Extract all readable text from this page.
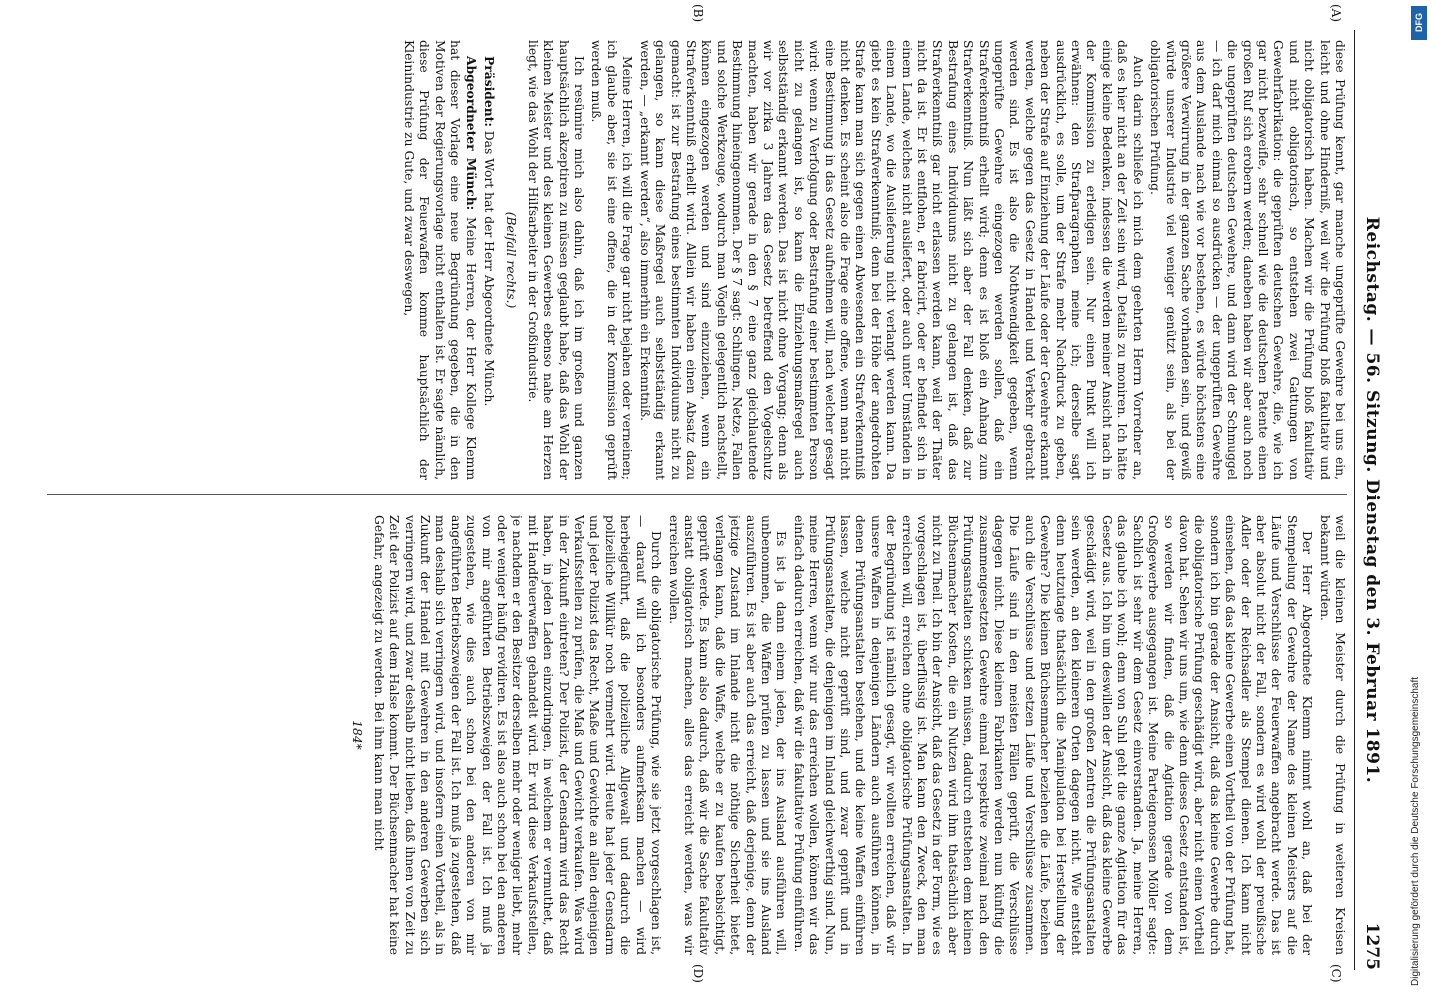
Reichstag. — 56. Sitzung. Dienstag den 3. Februar 1891.
1275
(A)
(B)
(C)
(D)

diese Prüfung kennt, gar manche ungeprüfte Gewehre bei uns ein, leicht und ohne Hinderniß, weil wir die Prüfung bloß fakultativ und nicht obligatorisch haben. Machen wir die Prüfung bloß fakultativ und nicht obligatorisch, so entstehen zwei Gattungen von Gewehrfabrikation: die geprüften deutschen Gewehre, die, wie ich gar nicht bezweifle, sehr schnell wie die deutschen Patente einen großen Ruf sich erobern werden; daneben haben wir aber auch noch die ungeprüften deutschen Gewehre, und dann wird der Schmuggel — ich darf mich einmal so ausdrücken — der ungeprüften Gewehre aus dem Auslande nach wie vor bestehen, es würde höchstens eine größere Verwirrung in der ganzen Sache vorhanden sein, und gewiß würde unserer Industrie viel weniger genützt sein, als bei der obligatorischen Prüfung.

Auch darin schließe ich mich dem geehrten Herrn Vorredner an, daß es hier nicht an der Zeit sein wird, Details zu moniren. Ich hätte einige kleine Bedenken, indessen die werden meiner Ansicht nach in der Kommission zu erledigen sein. Nur einen Punkt will ich erwähnen: den Strafparagraphen meine ich; derselbe sagt ausdrücklich, es solle, um der Strafe mehr Nachdruck zu geben, neben der Strafe auf Einziehung der Läufe oder der Gewehre erkannt werden, welche gegen das Gesetz in Handel und Verkehr gebracht werden sind. Es ist also die Nothwendigkeit gegeben, wenn ungeprüfte Gewehre eingezogen werden sollen, daß ein Strafverkenntniß erhellt wird; denn es ist bloß ein Anhang zum Strafverkenntniß. Nun läßt sich aber der Fall denken, daß zur Bestrafung eines Individuums nicht zu gelangen ist, daß das Strafverkenntniß gar nicht erlassen werden kann, weil der Thäter nicht da ist. Er ist entflohen, er fabricirt, oder er befindet sich in einem Lande, welches nicht ausliefert, oder auch unter Umständen in einem Lande, wo die Auslieferung nicht verlangt werden kann. Da giebt es kein Strafverkenntniß; denn bei der Höhe der angedrohten Strafe kann man sich gegen einen Abwesenden ein Strafverkenntniß nicht denken. Es scheint also die Frage eine offene, wenn man nicht eine Bestimmung in das Gesetz aufnehmen will, nach welcher gesagt wird: wenn zu Verfolgung oder Bestrafung einer bestimmten Person nicht zu gelangen ist, so kann die Einziehungsmaßregel auch selbstständig erkannt werden. Das ist nicht ohne Vorgang; denn als wir vor zirka 3 Jahren das Gesetz betreffend den Vogelschutz machten, haben wir gerade in den § 7 eine ganz gleichlautende Bestimmung hineingenommen. Der § 7 sagt: Schlingen, Netze, Fallen und solche Werkzeuge, wodurch man Vögeln gelegentlich nachstellt, können eingezogen werden und sind einzuziehen, wenn ein Strafverkenntniß erhellt wird. Allein wir haben einen Absatz dazu gemacht: ist zur Bestrafung eines bestimmten Individuums nicht zu gelangen, so kann diese Maßregel auch selbstständig erkannt werden, — „erkannt werden“, also immerhin ein Erkenntniß.

Meine Herren, ich will die Frage gar nicht bejahen oder verneinen; ich glaube aber, sie ist eine offene, die in der Kommission geprüft werden muß.

Ich resümire mich also dahin, daß ich im großen und ganzen hauptsächlich akzeptiren zu müssen geglaubt habe, daß das Wohl der kleinen Meister und des kleinen Gewerbes ebenso nahe am Herzen liegt, wie das Wohl der Hilfsarbeiter in der Großindustrie.

(Beifall rechts.)

Präsident: Das Wort hat der Herr Abgeordnete Münch.

Abgeordneter Münch: Meine Herren, der Herr Kollege Klemm hat dieser Vorlage eine neue Begründung gegeben, die in den Motiven der Regierungsvorlage nicht enthalten ist. Er sagte nämlich, diese Prüfung der Feuerwaffen komme hauptsächlich der Kleinindustrie zu Gute, und zwar deswegen,

weil die kleinen Meister durch die Prüfung in weiteren Kreisen bekannt würden.

Der Herr Abgeordnete Klemm nimmt wohl an, daß bei der Stempelung der Gewehre der Name des kleinen Meisters auf die Läufe und Verschlüsse der Feuerwaffen angebracht werde. Das ist aber absolut nicht der Fall, sondern es wird wohl der preußische Adler oder der Reichsadler als Stempel dienen. Ich kann nicht einsehen, daß das kleine Gewerbe einen Vortheil von der Prüfung hat, sondern ich bin gerade der Ansicht, daß das kleine Gewerbe durch die obligatorische Prüfung geschädigt wird, aber nicht einen Vortheil davon hat. Sehen wir uns um, wie denn dieses Gesetz entstanden ist, so werden wir finden, daß die Agitation gerade von dem Großgewerbe ausgegangen ist. Meine Parteigenossen Möller sagte: Sachlich ist sehr wir dem Gesetz einverstanden. Ja, meine Herren, das glaube ich wohl; denn von Suhl geht die ganze Agitation für das Gesetz aus. Ich bin um deswillen der Ansicht, daß das kleine Gewerbe geschädigt wird, weil in den großen Zentren die Prüfungsanstalten sein werden, an den kleineren Orten dagegen nicht. Wie entsteht denn heutzutage thatsächlich die Manipulation bei Herstellung der Gewehre? Die kleinen Büchsenmacher beziehen die Läufe, beziehen auch die Verschlüsse und setzen Läufe und Verschlüsse zusammen. Die Läufe sind in den meisten Fällen geprüft, die Verschlüsse dagegen nicht. Diese kleinen Fabrikanten werden nun künftig die zusammengesetzten Gewehre einmal respektive zweimal nach den Prüfungsanstalten schicken müssen, dadurch entstehen dem kleinen Büchsenmacher Kosten, die ein Nutzen wird ihm thatsächlich aber nicht zu Theil. Ich bin der Ansicht, daß das Gesetz in der Form, wie es vorgeschlagen ist, überflüssig ist. Man kann den Zweck, den man erreichen will, erreichen ohne obligatorische Prüfungsanstalten. In der Begründung ist nämlich gesagt, wir wollten erreichen, daß wir unsere Waffen in denjenigen Ländern auch ausführen können, in denen Prüfungsanstalten bestehen, und die keine Waffen einführen lassen, welche nicht geprüft sind, und zwar geprüft und in Prüfungsanstalten, die denjenigen im Inland gleichwerthig sind. Nun, meine Herren, wenn wir nur das erreichen wollen, können wir das einfach dadurch erreichen, daß wir die fakultative Prüfung einführen.

Es ist ja dann einem jeden, der ins Ausland ausführen will, unbenommen, die Waffen prüfen zu lassen und sie ins Ausland auszuführen. Es ist aber auch das erreicht, daß derjenige, denn der jetzige Zustand im Inlande nicht die nöthige Sicherheit bietet, verlangen kann, daß die Waffe, welche er zu kaufen beabsichtigt, geprüft werde. Es kann also dadurch, daß wir die Sache fakultativ anstatt obligatorisch machen, alles das erreicht werden, was wir erreichen wollen.

Durch die obligatorische Prüfung, wie sie jetzt vorgeschlagen ist, — darauf will ich besonders aufmerksam machen — wird herbeigeführt, daß die polizeiliche Allgewalt und dadurch die polizeiliche Willkür noch vermehrt wird. Heute hat jeder Gensdarm und jeder Polizist das Recht, Maße und Gewichte an allen denjenigen Verkaufsstellen zu prüfen, die Maß und Gewicht verkaufen. Was wird in der Zukunft eintreten? Der Polizist, der Gensdarm wird das Recht haben, in jeden Laden einzudringen, in welchem er vermuthet, daß mit Handfeuerwaffen gehandelt wird. Er wird diese Verkaufsstellen, je nachdem er den Besitzer derselben mehr oder weniger liebt, mehr oder weniger häufig revidiren. Es ist also auch schon bei den anderen von mir angeführten Betriebszweigen der Fall ist. Ich muß ja zugestehen, wie dies auch schon bei den anderen von mir angeführten Betriebszweigen der Fall ist. Ich muß ja zugestehen, daß man deshalb sich verringern wird, und insofern einen Vortheil, als in Zukunft der Handel mit Gewehren in den anderen Gewerben sich verringern wird, und zwar deshalb nicht lieben, daß ihnen von Zeit zu Zeit der Polizist auf dem Halse kommt. Der Büchsenmacher hat keine Gefahr, angezeigt zu werden. Bei ihm kann man nicht

184*

DFG
Digitalisierung gefördert durch die Deutsche Forschungsgemeinschaft
